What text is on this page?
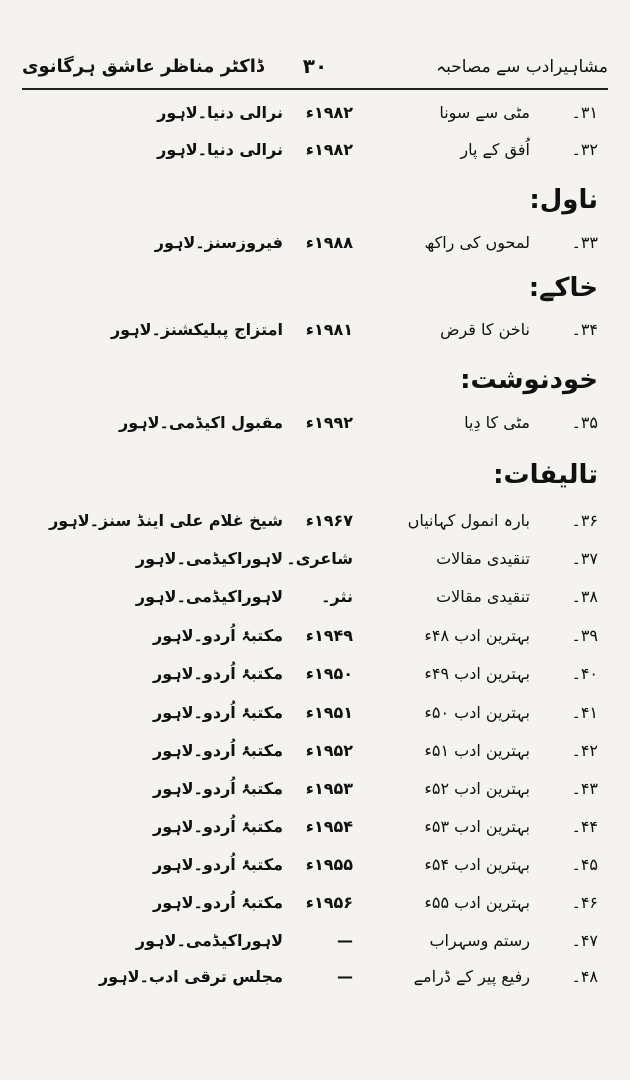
مشاہیرادب سے مصاحبہ
۳۰
ڈاکٹر مناظر عاشق ہرگانوی
۳۱۔
مٹی سے سونا
۱۹۸۲ء
نرالی دنیا۔لاہور
۳۲۔
اُفق کے پار
۱۹۸۲ء
نرالی دنیا۔لاہور
ناول:
۳۳۔
لمحوں کی راکھ
۱۹۸۸ء
فیروزسنز۔لاہور
خاکے:
۳۴۔
ناخن کا قرض
۱۹۸۱ء
امتزاج پبلیکشنز۔لاہور
خودنوشت:
۳۵۔
مٹی کا دِیا
۱۹۹۲ء
مقبول اکیڈمی۔لاہور
تالیفات:
۳۶۔
بارہ انمول کہانیاں
۱۹۶۷ء
شیخ غلام علی اینڈ سنز۔لاہور
۳۷۔
تنقیدی مقالات
شاعری۔
لاہوراکیڈمی۔لاہور
۳۸۔
تنقیدی مقالات
نثر۔
لاہوراکیڈمی۔لاہور
۳۹۔
بہترین ادب ۴۸ء
۱۹۴۹ء
مکتبۂ اُردو۔لاہور
۴۰۔
بہترین ادب ۴۹ء
۱۹۵۰ء
مکتبۂ اُردو۔لاہور
۴۱۔
بہترین ادب ۵۰ء
۱۹۵۱ء
مکتبۂ اُردو۔لاہور
۴۲۔
بہترین ادب ۵۱ء
۱۹۵۲ء
مکتبۂ اُردو۔لاہور
۴۳۔
بہترین ادب ۵۲ء
۱۹۵۳ء
مکتبۂ اُردو۔لاہور
۴۴۔
بہترین ادب ۵۳ء
۱۹۵۴ء
مکتبۂ اُردو۔لاہور
۴۵۔
بہترین ادب ۵۴ء
۱۹۵۵ء
مکتبۂ اُردو۔لاہور
۴۶۔
بہترین ادب ۵۵ء
۱۹۵۶ء
مکتبۂ اُردو۔لاہور
۴۷۔
رستم وسہراب
—
لاہوراکیڈمی۔لاہور
۴۸۔
رفیع پیر کے ڈرامے
—
مجلس ترقی ادب۔لاہور
